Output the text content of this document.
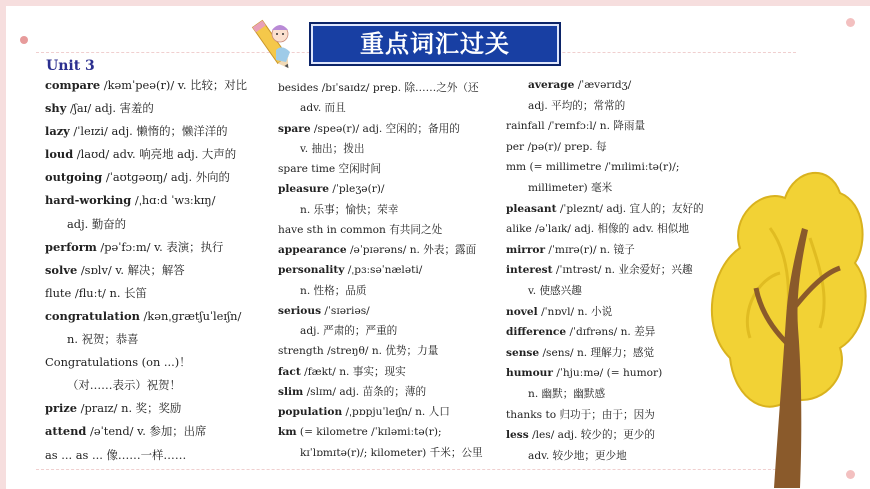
重点词汇过关
Unit 3
compare /kəmˈpeə(r)/ v. 比较；对比
shy /ʃaɪ/ adj. 害羞的
lazy /ˈleɪzi/ adj. 懒惰的；懒洋洋的
loud /laʊd/ adv. 响亮地 adj. 大声的
outgoing /ˈaʊtɡəʊɪŋ/ adj. 外向的
hard-working /ˌhɑːd ˈwɜːkɪŋ/
adj. 勤奋的
perform /pəˈfɔːm/ v. 表演；执行
solve /sɒlv/ v. 解决；解答
flute /fluːt/ n. 长笛
congratulation /kənˌɡrætʃuˈleɪʃn/
n. 祝贺；恭喜
Congratulations (on ...)！
（对……表示）祝贺！
prize /praɪz/ n. 奖；奖励
attend /əˈtend/ v. 参加；出席
as ... as ... 像……一样……
besides /bɪˈsaɪdz/ prep. 除……之外（还
adv. 而且
spare /speə(r)/ adj. 空闲的；备用的
v. 抽出；拨出
spare time 空闲时间
pleasure /ˈpleʒə(r)/
n. 乐事；愉快；荣幸
have sth in common 有共同之处
appearance /əˈpɪərəns/ n. 外表；露面
personality /ˌpɜːsəˈnæləti/
n. 性格；品质
serious /ˈsɪəriəs/
adj. 严肃的；严重的
strength /streŋθ/ n. 优势；力量
fact /fækt/ n. 事实；现实
slim /slɪm/ adj. 苗条的；薄的
population /ˌpɒpjuˈleɪʃn/ n. 人口
km (= kilometre /ˈkɪləmiːtə(r);
kɪˈlɒmɪtə(r)/; kilometer) 千米；公里
average /ˈævərɪdʒ/
adj. 平均的；常常的
rainfall /ˈreɪnfɔːl/ n. 降雨量
per /pə(r)/ prep. 每
mm (= millimetre /ˈmɪlimiːtə(r)/;
millimeter) 毫米
pleasant /ˈpleznt/ adj. 宜人的；友好的
alike /əˈlaɪk/ adj. 相像的 adv. 相似地
mirror /ˈmɪrə(r)/ n. 镜子
interest /ˈɪntrəst/ n. 业余爱好；兴趣
v. 使感兴趣
novel /ˈnɒvl/ n. 小说
difference /ˈdɪfrəns/ n. 差异
sense /sens/ n. 理解力；感觉
humour /ˈhjuːmə/ (= humor)
n. 幽默；幽默感
thanks to 归功于；由于；因为
less /les/ adj. 较少的；更少的
adv. 较少地；更少地
